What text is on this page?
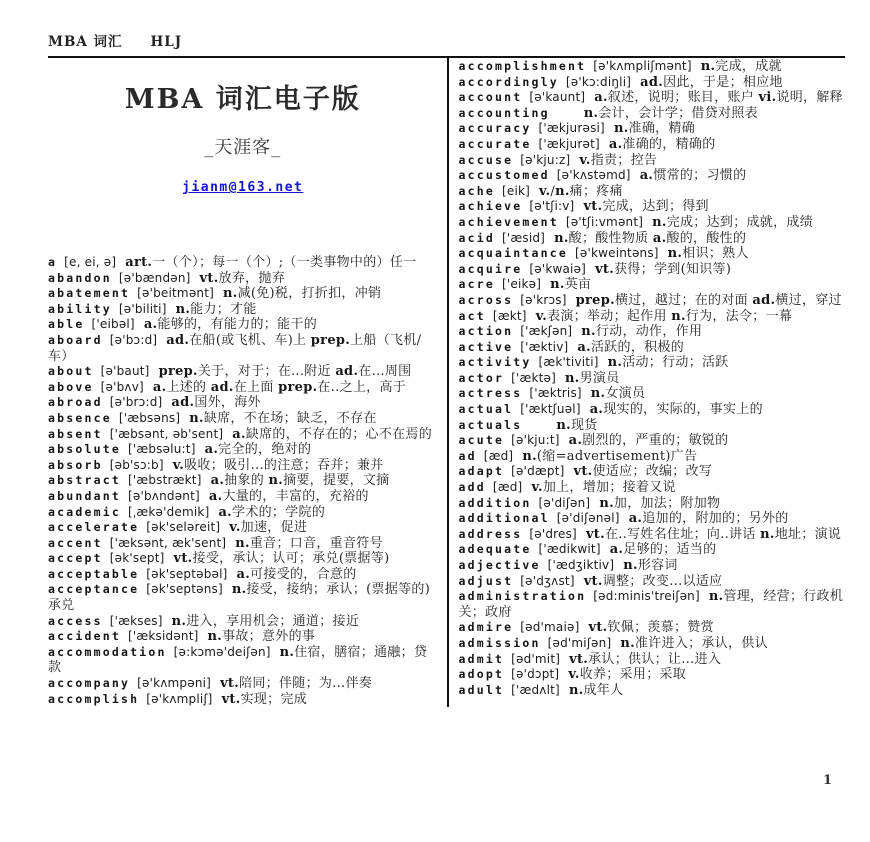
MBA 词汇 HLJ
MBA 词汇电子版
_天涯客_
jianm@163.net
a [e, ei, ə] art.一（个）；每一（个）;（一类事物中的）任一
abandon [ə'bændən] vt.放弃，抛弃
abatement [ə'beitmənt] n.减(免)税，打折扣，冲销
ability [ə'biliti] n.能力；才能
able ['eibəl] a.能够的，有能力的；能干的
aboard [ə'bɔ:d] ad.在船(或飞机、车)上 prep.上船（飞机/车）
about [ə'baut] prep.关于，对于；在...附近 ad.在…周围
above [ə'bʌv] a.上述的 ad.在上面 prep.在..之上，高于
abroad [ə'brɔ:d] ad.国外，海外
absence ['æbsəns] n.缺席，不在场；缺乏，不存在
absent ['æbsənt, əb'sent] a.缺席的，不存在的；心不在焉的
absolute ['æbsəlu:t] a.完全的，绝对的
absorb [əb'sɔ:b] v.吸收；吸引...的注意；吞并；兼并
abstract ['æbstrækt] a.抽象的 n.摘要，提要，文摘
abundant [ə'bʌndənt] a.大量的，丰富的，充裕的
academic [ˌækə'demik] a.学术的；学院的
accelerate [ək'seləreit] v.加速，促进
accent ['æksənt, æk'sent] n.重音；口音，重音符号
accept [ək'sept] vt.接受，承认；认可；承兑(票据等)
acceptable [ək'septəbəl] a.可接受的，合意的
acceptance [ək'septəns] n.接受，接纳；承认；(票据等的)承兑
access ['ækses] n.进入，享用机会；通道；接近
accident ['æksidənt] n.事故；意外的事
accommodation [ə:kɔmə'deiʃən] n.住宿，膳宿；通融；贷款
accompany [ə'kʌmpəni] vt.陪同；伴随；为...伴奏
accomplish [ə'kʌmpliʃ] vt.实现；完成
accomplishment [ə'kʌmpliʃmənt] n.完成，成就
accordingly [ə'kɔ:diŋli] ad.因此，于是；相应地
account [ə'kaunt] a.叙述，说明；账目，账户 vi.说明，解释
accounting	n.会计，会计学；借贷对照表
accuracy ['ækjurəsi] n.准确，精确
accurate ['ækjurət] a.准确的，精确的
accuse [ə'kju:z] v.指责；控告
accustomed [ə'kʌstəmd] a.惯常的；习惯的
ache [eik] v./n.痛；疼痛
achieve [ə'tʃi:v] vt.完成，达到；得到
achievement [ə'tʃi:vmənt] n.完成；达到；成就，成绩
acid ['æsid] n.酸；酸性物质 a.酸的，酸性的
acquaintance [ə'kweintəns] n.相识；熟人
acquire [ə'kwaiə] vt.获得；学到(知识等)
acre ['eikə] n.英亩
across [ə'krɔs] prep.横过，越过；在的对面 ad.横过，穿过
act [ækt] v.表演；举动；起作用 n.行为，法令；一幕
action ['ækʃən] n.行动，动作，作用
active ['æktiv] a.活跃的，积极的
activity [æk'tiviti] n.活动；行动；活跃
actor ['æktə] n.男演员
actress ['æktris] n.女演员
actual ['æktʃuəl] a.现实的，实际的，事实上的
actuals	n.现货
acute [ə'kju:t] a.剧烈的，严重的；敏锐的
ad [æd] n.(缩=advertisement)广告
adapt [ə'dæpt] vt.使适应；改编；改写
add [æd] v.加上，增加；接着又说
addition [ə'diʃən] n.加，加法；附加物
additional [ə'diʃənəl] a.追加的，附加的；另外的
address [ə'dres] vt.在..写姓名住址；向..讲话 n.地址；演说
adequate ['ædikwit] a.足够的；适当的
adjective ['ædʒiktiv] n.形容词
adjust [ə'dʒʌst] vt.调整；改变...以适应
administration [əd:minis'treiʃən] n.管理，经营；行政机关；政府
admire [əd'maiə] vt.钦佩；羡慕；赞赏
admission [əd'miʃən] n.准许进入；承认，供认
admit [əd'mit] vt.承认；供认；让…进入
adopt [ə'dɔpt] v.收养；采用；采取
adult ['ædʌlt] n.成年人
1
